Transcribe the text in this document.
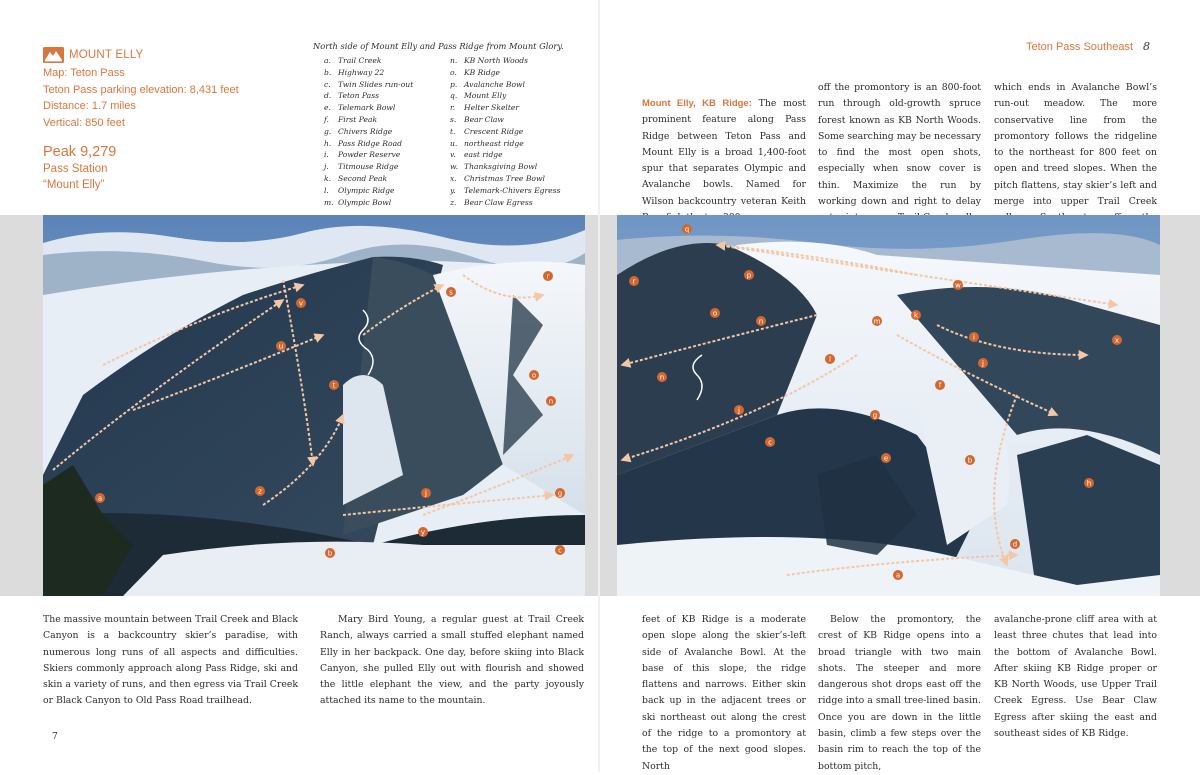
MOUNT ELLY
Map: Teton Pass
Teton Pass parking elevation: 8,431 feet
Distance: 1.7 miles
Vertical: 850 feet
Peak 9,279
Pass Station
“Mount Elly”
North side of Mount Elly and Pass Ridge from Mount Glory.
a. Trail Creek
b. Highway 22
c. Twin Slides run-out
d. Teton Pass
e. Telemark Bowl
f. First Peak
g. Chivers Ridge
h. Pass Ridge Road
i. Powder Reserve
j. Titmouse Ridge
k. Second Peak
l. Olympic Ridge
m. Olympic Bowl
n. KB North Woods
o. KB Ridge
p. Avalanche Bowl
q. Mount Elly
r. Helter Skelter
s. Bear Claw
t. Crescent Ridge
u. northeast ridge
v. east ridge
w. Thanksgiving Bowl
x. Christmas Tree Bowl
y. Telemark-Chivers Egress
z. Bear Claw Egress
Teton Pass Southeast 8

Mount Elly, KB Ridge: The most prominent feature along Pass Ridge between Teton Pass and Mount Elly is a broad 1,400-foot spur that separates Olympic and Avalanche bowls. Named for Wilson backcountry veteran Keith

off the promontory is an 800-foot run through old-growth spruce forest known as KB North Woods. Some searching may be necessary to find the most open shots, especially when snow cover is thin. Maximize the run by working down and right to delay

which ends in Avalanche Bowl’s run-out meadow. The more conservative line from the promontory follows the ridgeline to the northeast for 800 feet on open and treed slopes. When the pitch flattens, stay skier’s left and merge into upper Trail Creek

v
u
t
s
r
o
n
a
z	j
y
b	c
g
q
r
p
o
n
n
m
l
k
w
i
j
j
f
g
e
c
b
d
h
a
x

The massive mountain between Trail Creek and Black Canyon is a backcountry skier’s paradise, with numerous long runs of all aspects and difficulties. Skiers commonly approach along Pass Ridge, ski and skin a variety of runs, and then egress via Trail Creek or Black Canyon to Old Pass Road trailhead.

Mary Bird Young, a regular guest at Trail Creek Ranch, always carried a small stuffed elephant named Elly in her backpack. One day, before skiing into Black Canyon, she pulled Elly out with flourish and showed the little elephant the view, and the party joyously attached its name to the mountain.

7

feet of KB Ridge is a moderate open slope along the skier’s-left side of Avalanche Bowl. At the base of this slope, the ridge flattens and narrows. Either skin back up in the adjacent trees or ski northeast out along the crest of the ridge to a promontory at the top of the next good slopes. North

Below the promontory, the crest of KB Ridge opens into a broad triangle with two main shots. The steeper and more dangerous shot drops east off the ridge into a small tree-lined basin. Once you are down in the little basin, climb a few steps over the basin rim to reach the top of the bottom pitch,

avalanche-prone cliff area with at least three chutes that lead into the bottom of Avalanche Bowl. After skiing KB Ridge proper or KB North Woods, use Upper Trail Creek Egress. Use Bear Claw Egress after skiing the east and southeast sides of KB Ridge.
